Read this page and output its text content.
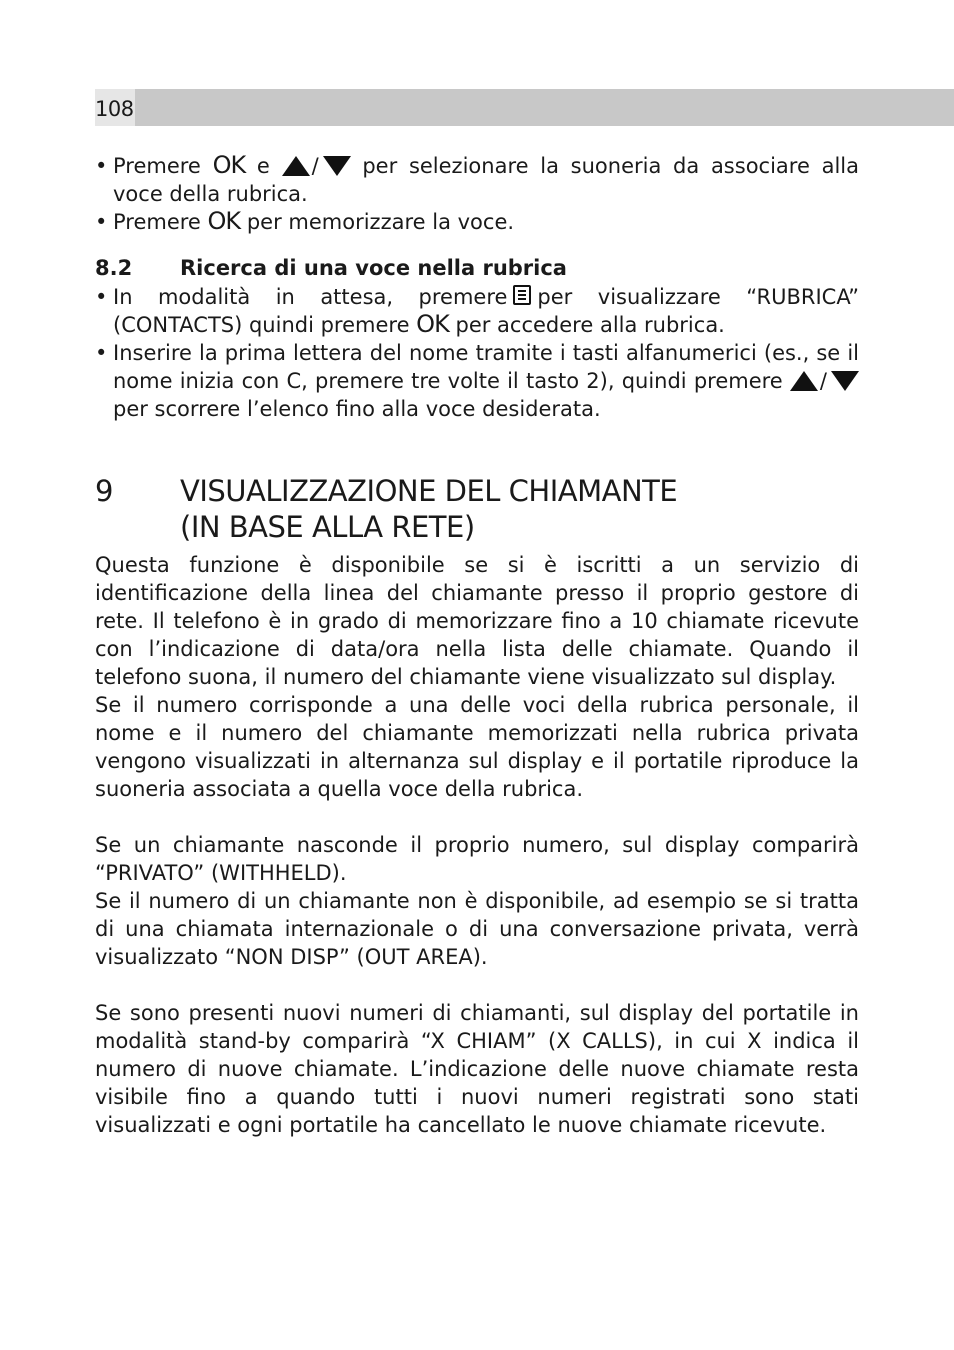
108
• Premere OK e / per selezionare la suoneria da associare alla voce della rubrica.
• Premere OK per memorizzare la voce.
8.2 Ricerca di una voce nella rubrica
• In modalità in attesa, premere per visualizzare “RUBRICA” (CONTACTS) quindi premere OK per accedere alla rubrica.
• Inserire la prima lettera del nome tramite i tasti alfanumerici (es., se il nome inizia con C, premere tre volte il tasto 2), quindi premere / per scorrere l’elenco fino alla voce desiderata.
9 VISUALIZZAZIONE DEL CHIAMANTE
(IN BASE ALLA RETE)
Questa funzione è disponibile se si è iscritti a un servizio di identificazione della linea del chiamante presso il proprio gestore di rete. Il telefono è in grado di memorizzare fino a 10 chiamate ricevute con l’indicazione di data/ora nella lista delle chiamate. Quando il telefono suona, il numero del chiamante viene visualizzato sul display.
Se il numero corrisponde a una delle voci della rubrica personale, il nome e il numero del chiamante memorizzati nella rubrica privata vengono visualizzati in alternanza sul display e il portatile riproduce la suoneria associata a quella voce della rubrica.
Se un chiamante nasconde il proprio numero, sul display comparirà “PRIVATO” (WITHHELD).
Se il numero di un chiamante non è disponibile, ad esempio se si tratta di una chiamata internazionale o di una conversazione privata, verrà visualizzato “NON DISP” (OUT AREA).
Se sono presenti nuovi numeri di chiamanti, sul display del portatile in modalità stand-by comparirà “X CHIAM” (X CALLS), in cui X indica il numero di nuove chiamate. L’indicazione delle nuove chiamate resta visibile fino a quando tutti i nuovi numeri registrati sono stati visualizzati e ogni portatile ha cancellato le nuove chiamate ricevute.
